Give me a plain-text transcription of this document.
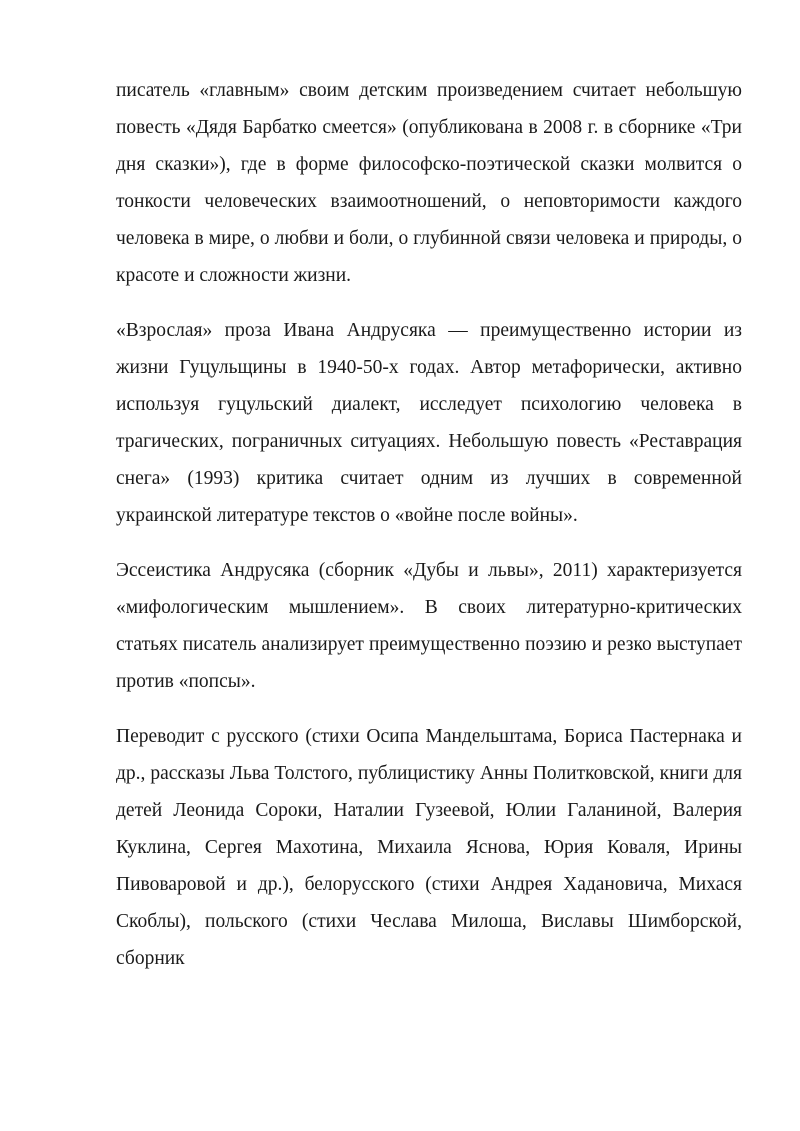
писатель «главным» своим детским произведением считает небольшую повесть «Дядя Барбатко смеется» (опубликована в 2008 г. в сборнике «Три дня сказки»), где в форме философско-поэтической сказки молвится о тонкости человеческих взаимоотношений, о неповторимости каждого человека в мире, о любви и боли, о глубинной связи человека и природы, о красоте и сложности жизни.

«Взрослая» проза Ивана Андрусяка — преимущественно истории из жизни Гуцульщины в 1940-50-х годах. Автор метафорически, активно используя гуцульский диалект, исследует психологию человека в трагических, пограничных ситуациях. Небольшую повесть «Реставрация снега» (1993) критика считает одним из лучших в современной украинской литературе текстов о «войне после войны».

Эссеистика Андрусяка (сборник «Дубы и львы», 2011) характеризуется «мифологическим мышлением». В своих литературно-критических статьях писатель анализирует преимущественно поэзию и резко выступает против «попсы».

Переводит с русского (стихи Осипа Мандельштама, Бориса Пастернака и др., рассказы Льва Толстого, публицистику Анны Политковской, книги для детей Леонида Сороки, Наталии Гузеевой, Юлии Галаниной, Валерия Куклина, Сергея Махотина, Михаила Яснова, Юрия Коваля, Ирины Пивоваровой и др.), белорусского (стихи Андрея Хадановича, Михася Скоблы), польского (стихи Чеслава Милоша, Виславы Шимборской, сборник
